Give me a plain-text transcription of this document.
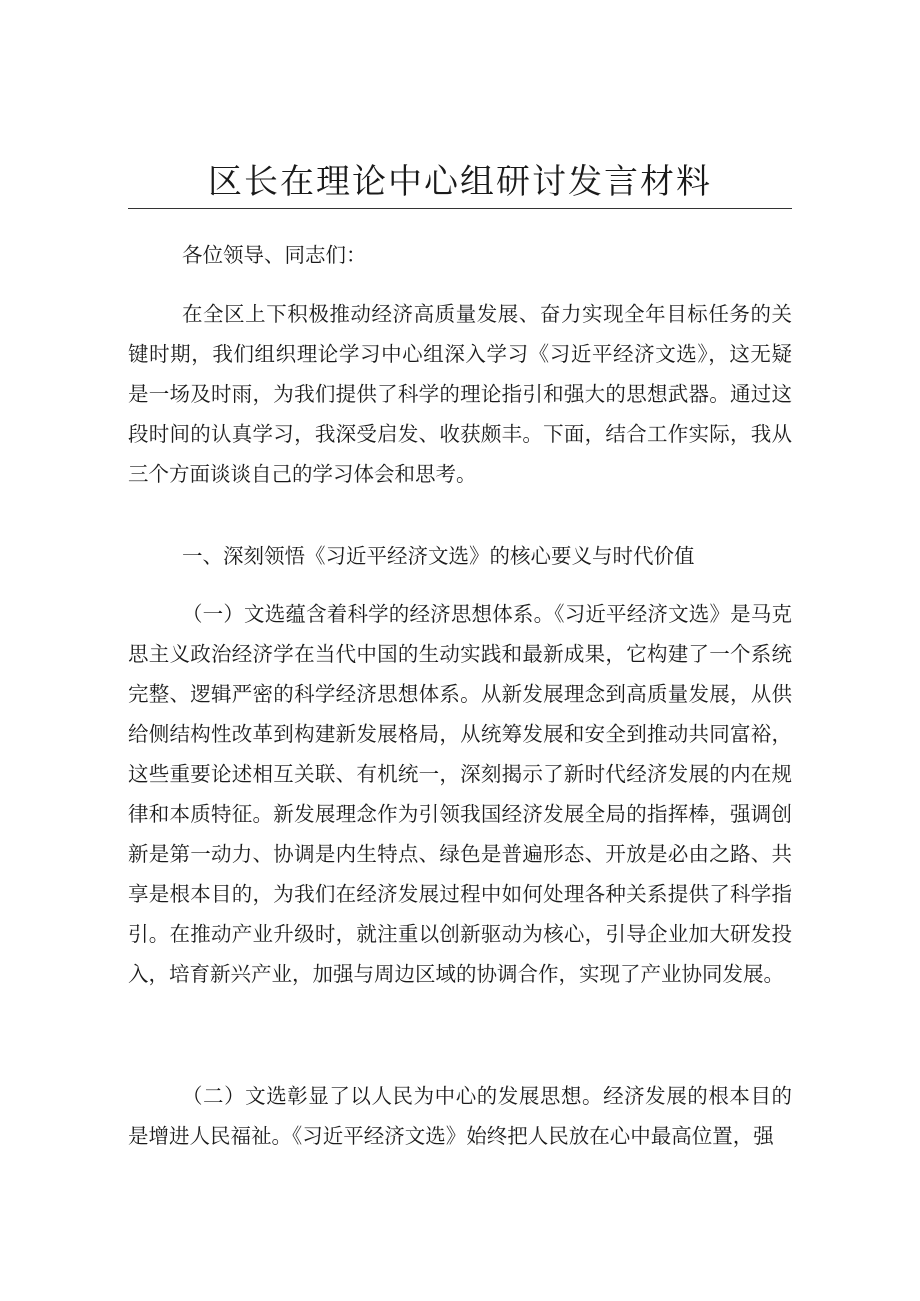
区长在理论中心组研讨发言材料

各位领导、同志们：

在全区上下积极推动经济高质量发展、奋力实现全年目标任务的关键时期，我们组织理论学习中心组深入学习《习近平经济文选》，这无疑是一场及时雨，为我们提供了科学的理论指引和强大的思想武器。通过这段时间的认真学习，我深受启发、收获颇丰。下面，结合工作实际，我从三个方面谈谈自己的学习体会和思考。

一、深刻领悟《习近平经济文选》的核心要义与时代价值

（一）文选蕴含着科学的经济思想体系。《习近平经济文选》是马克思主义政治经济学在当代中国的生动实践和最新成果，它构建了一个系统完整、逻辑严密的科学经济思想体系。从新发展理念到高质量发展，从供给侧结构性改革到构建新发展格局，从统筹发展和安全到推动共同富裕，这些重要论述相互关联、有机统一，深刻揭示了新时代经济发展的内在规律和本质特征。新发展理念作为引领我国经济发展全局的指挥棒，强调创新是第一动力、协调是内生特点、绿色是普遍形态、开放是必由之路、共享是根本目的，为我们在经济发展过程中如何处理各种关系提供了科学指引。在推动产业升级时，就注重以创新驱动为核心，引导企业加大研发投入，培育新兴产业，加强与周边区域的协调合作，实现了产业协同发展。

（二）文选彰显了以人民为中心的发展思想。经济发展的根本目的是增进人民福祉。《习近平经济文选》始终把人民放在心中最高位置，强
